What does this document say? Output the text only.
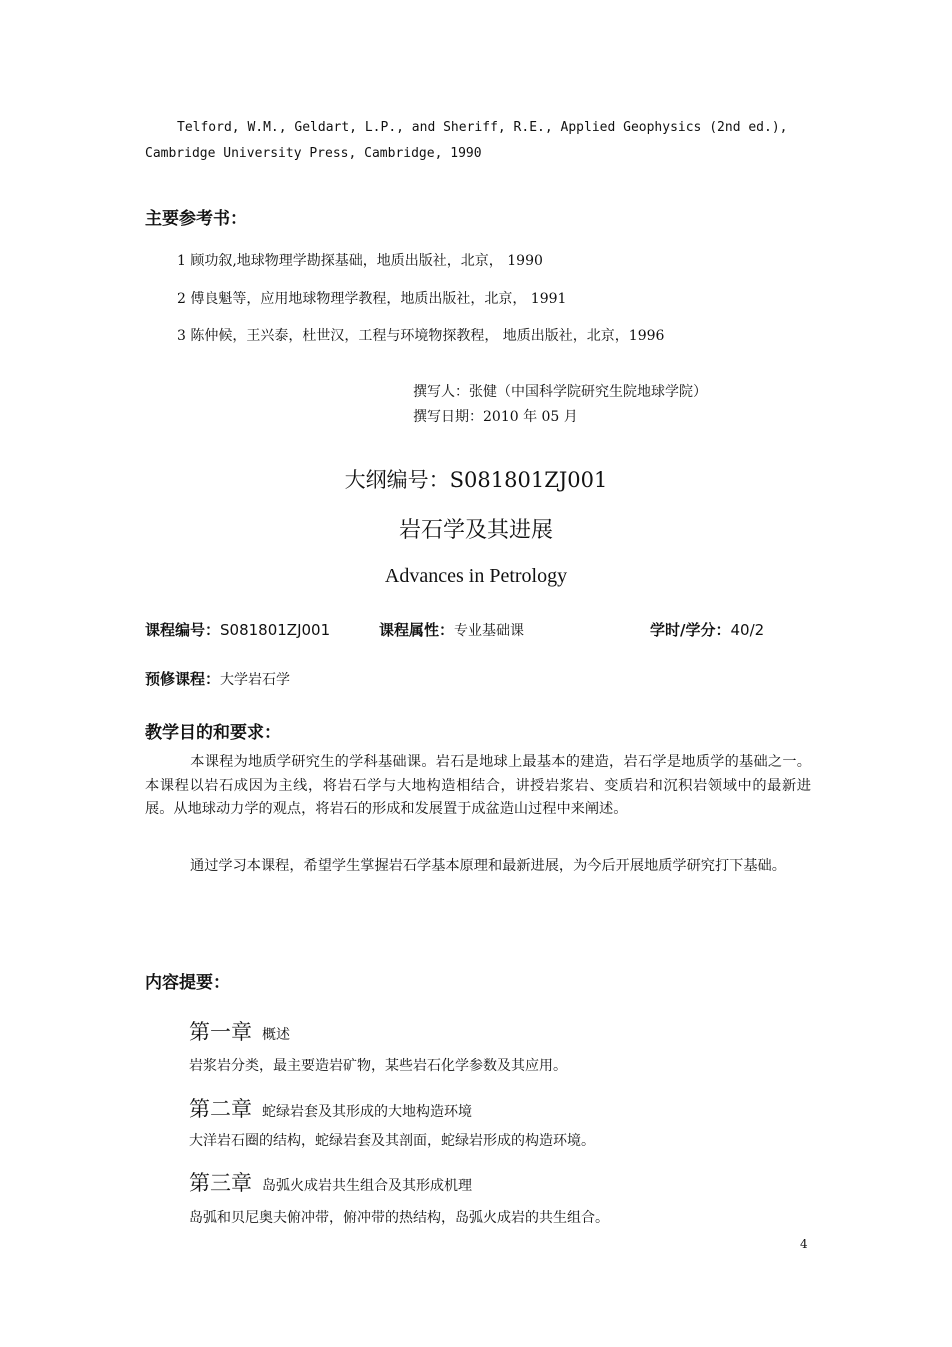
Telford, W.M., Geldart, L.P., and Sheriff, R.E., Applied Geophysics (2nd ed.),
Cambridge University Press, Cambridge, 1990
主要参考书：
1 顾功叙,地球物理学勘探基础，地质出版社，北京， 1990
2 傅良魁等，应用地球物理学教程，地质出版社，北京， 1991
3 陈仲候，王兴泰，杜世汉，工程与环境物探教程， 地质出版社，北京，1996
撰写人：张健（中国科学院研究生院地球学院）
撰写日期：2010 年 05 月
大纲编号：S081801ZJ001
岩石学及其进展
Advances in Petrology
课程编号：S081801ZJ001	课程属性：专业基础课	学时/学分：40/2
预修课程：大学岩石学
教学目的和要求：
本课程为地质学研究生的学科基础课。岩石是地球上最基本的建造，岩石学是地质学的基础之一。本课程以岩石成因为主线，将岩石学与大地构造相结合，讲授岩浆岩、变质岩和沉积岩领域中的最新进展。从地球动力学的观点，将岩石的形成和发展置于成盆造山过程中来阐述。
通过学习本课程，希望学生掌握岩石学基本原理和最新进展，为今后开展地质学研究打下基础。
内容提要：
第一章 概述
岩浆岩分类，最主要造岩矿物，某些岩石化学参数及其应用。
第二章 蛇绿岩套及其形成的大地构造环境
大洋岩石圈的结构，蛇绿岩套及其剖面，蛇绿岩形成的构造环境。
第三章 岛弧火成岩共生组合及其形成机理
岛弧和贝尼奥夫俯冲带，俯冲带的热结构，岛弧火成岩的共生组合。
4
